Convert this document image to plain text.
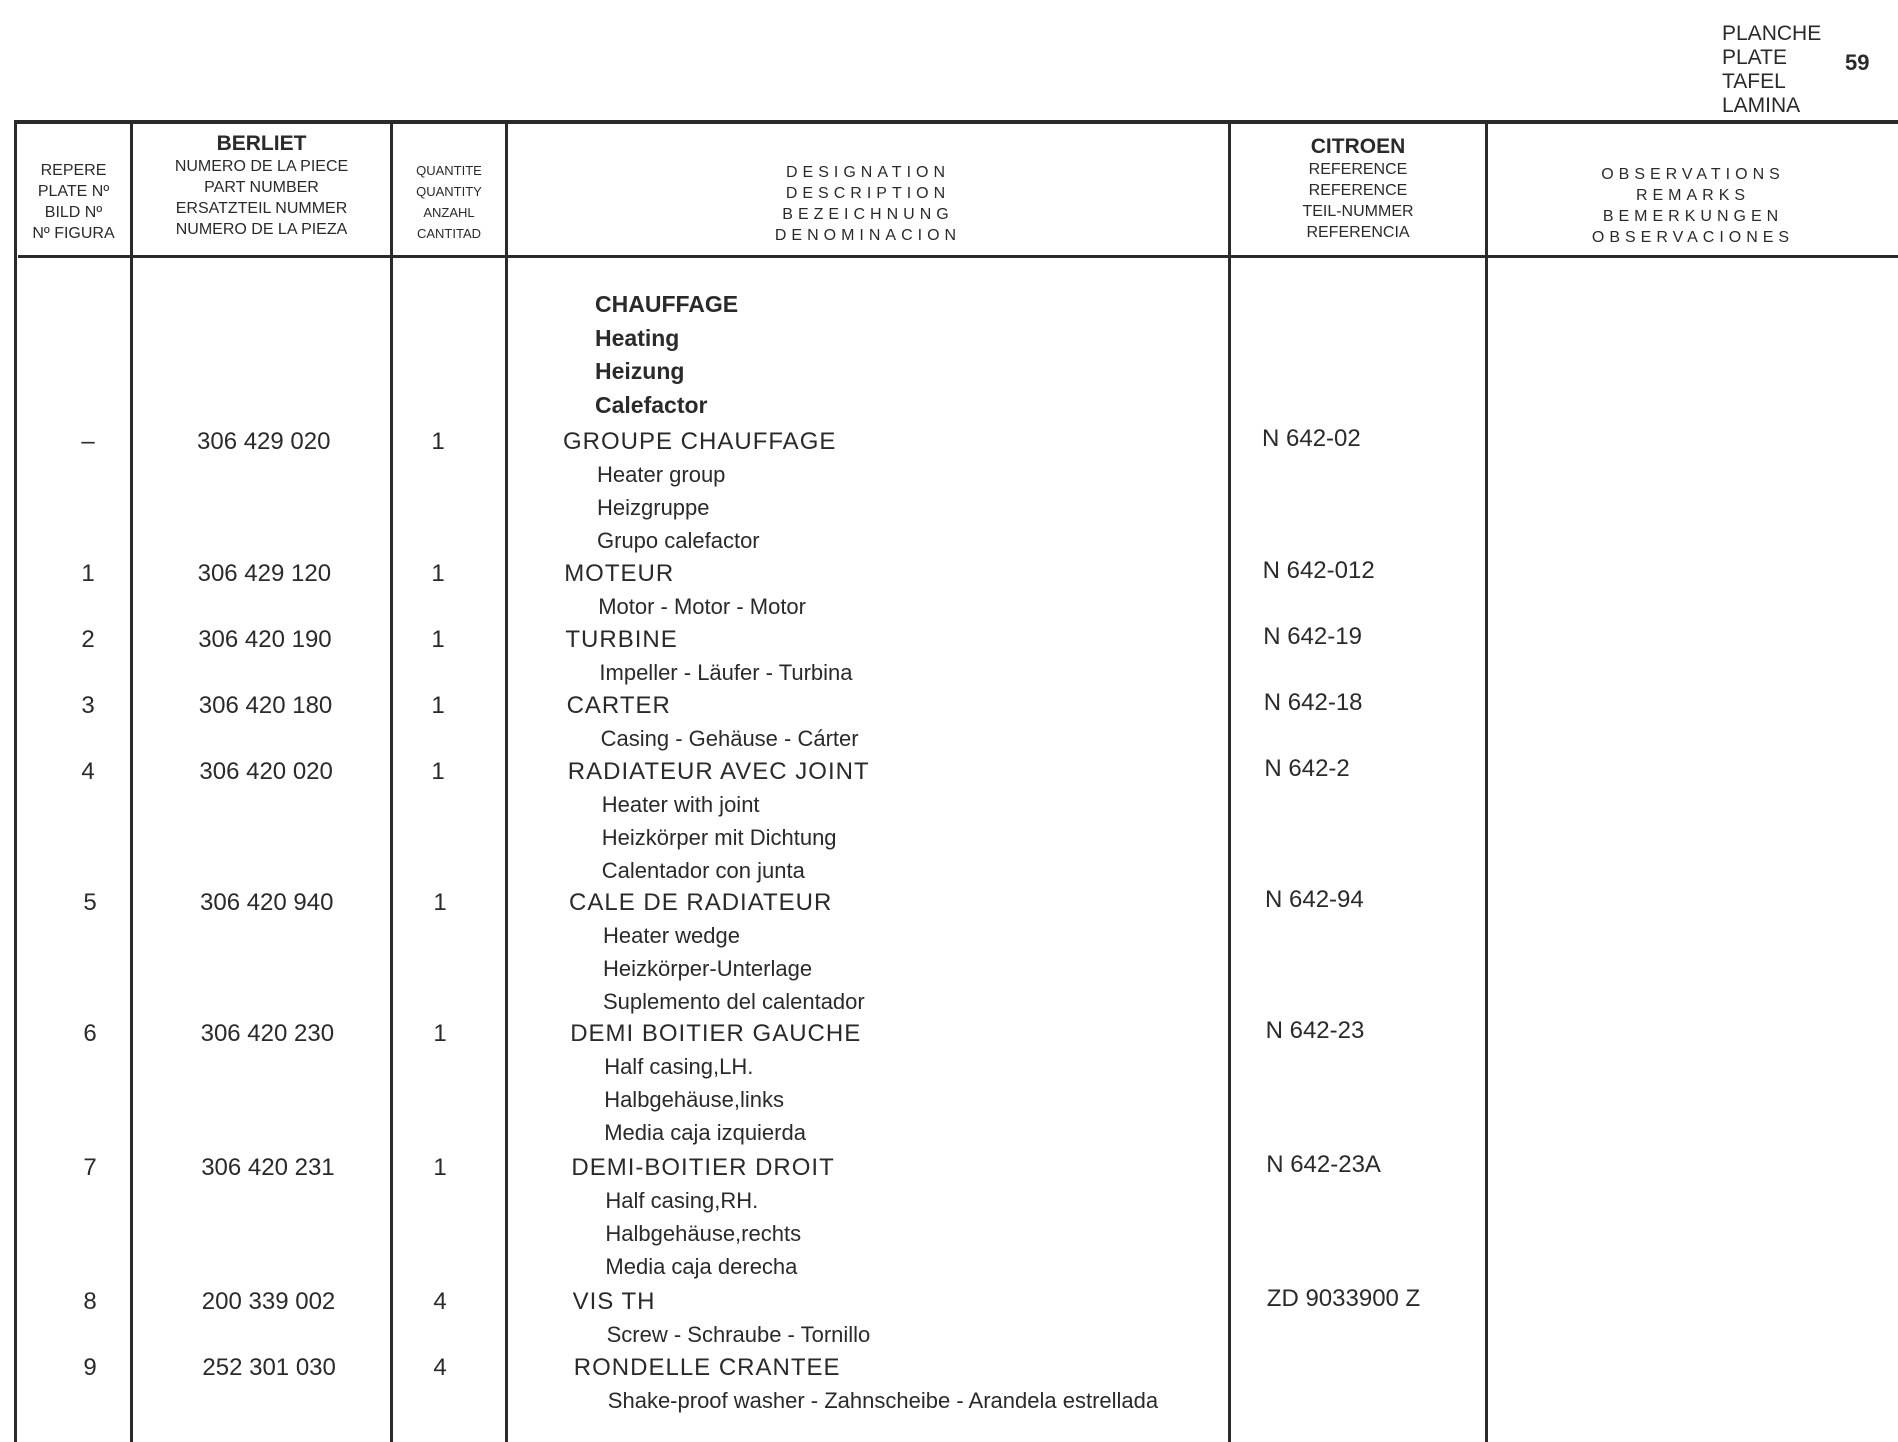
PLANCHE
PLATE
TAFEL
LAMINA
59
REPERE
PLATE Nº
BILD Nº
Nº FIGURA
BERLIET
NUMERO DE LA PIECE
PART NUMBER
ERSATZTEIL NUMMER
NUMERO DE LA PIEZA
QUANTITE
QUANTITY
ANZAHL
CANTITAD
DESIGNATION
DESCRIPTION
BEZEICHNUNG
DENOMINACION
CITROEN
REFERENCE
REFERENCE
TEIL-NUMMER
REFERENCIA
OBSERVATIONS
REMARKS
BEMERKUNGEN
OBSERVACIONES
CHAUFFAGE
Heating
Heizung
Calefactor
–	306 429 020	1	GROUPE CHAUFFAGE	N 642-02
Heater group
Heizgruppe
Grupo calefactor
1	306 429 120	1	MOTEUR	N 642-012
Motor - Motor - Motor
2	306 420 190	1	TURBINE	N 642-19
Impeller - Läufer - Turbina
3	306 420 180	1	CARTER	N 642-18
Casing - Gehäuse - Cárter
4	306 420 020	1	RADIATEUR AVEC JOINT	N 642-2
Heater with joint
Heizkörper mit Dichtung
Calentador con junta
5	306 420 940	1	CALE DE RADIATEUR	N 642-94
Heater wedge
Heizkörper-Unterlage
Suplemento del calentador
6	306 420 230	1	DEMI BOITIER GAUCHE	N 642-23
Half casing,LH.
Halbgehäuse,links
Media caja izquierda
7	306 420 231	1	DEMI-BOITIER DROIT	N 642-23A
Half casing,RH.
Halbgehäuse,rechts
Media caja derecha
8	200 339 002	4	VIS TH	ZD 9033900 Z
Screw - Schraube - Tornillo
9	252 301 030	4	RONDELLE CRANTEE
Shake-proof washer - Zahnscheibe - Arandela estrellada
